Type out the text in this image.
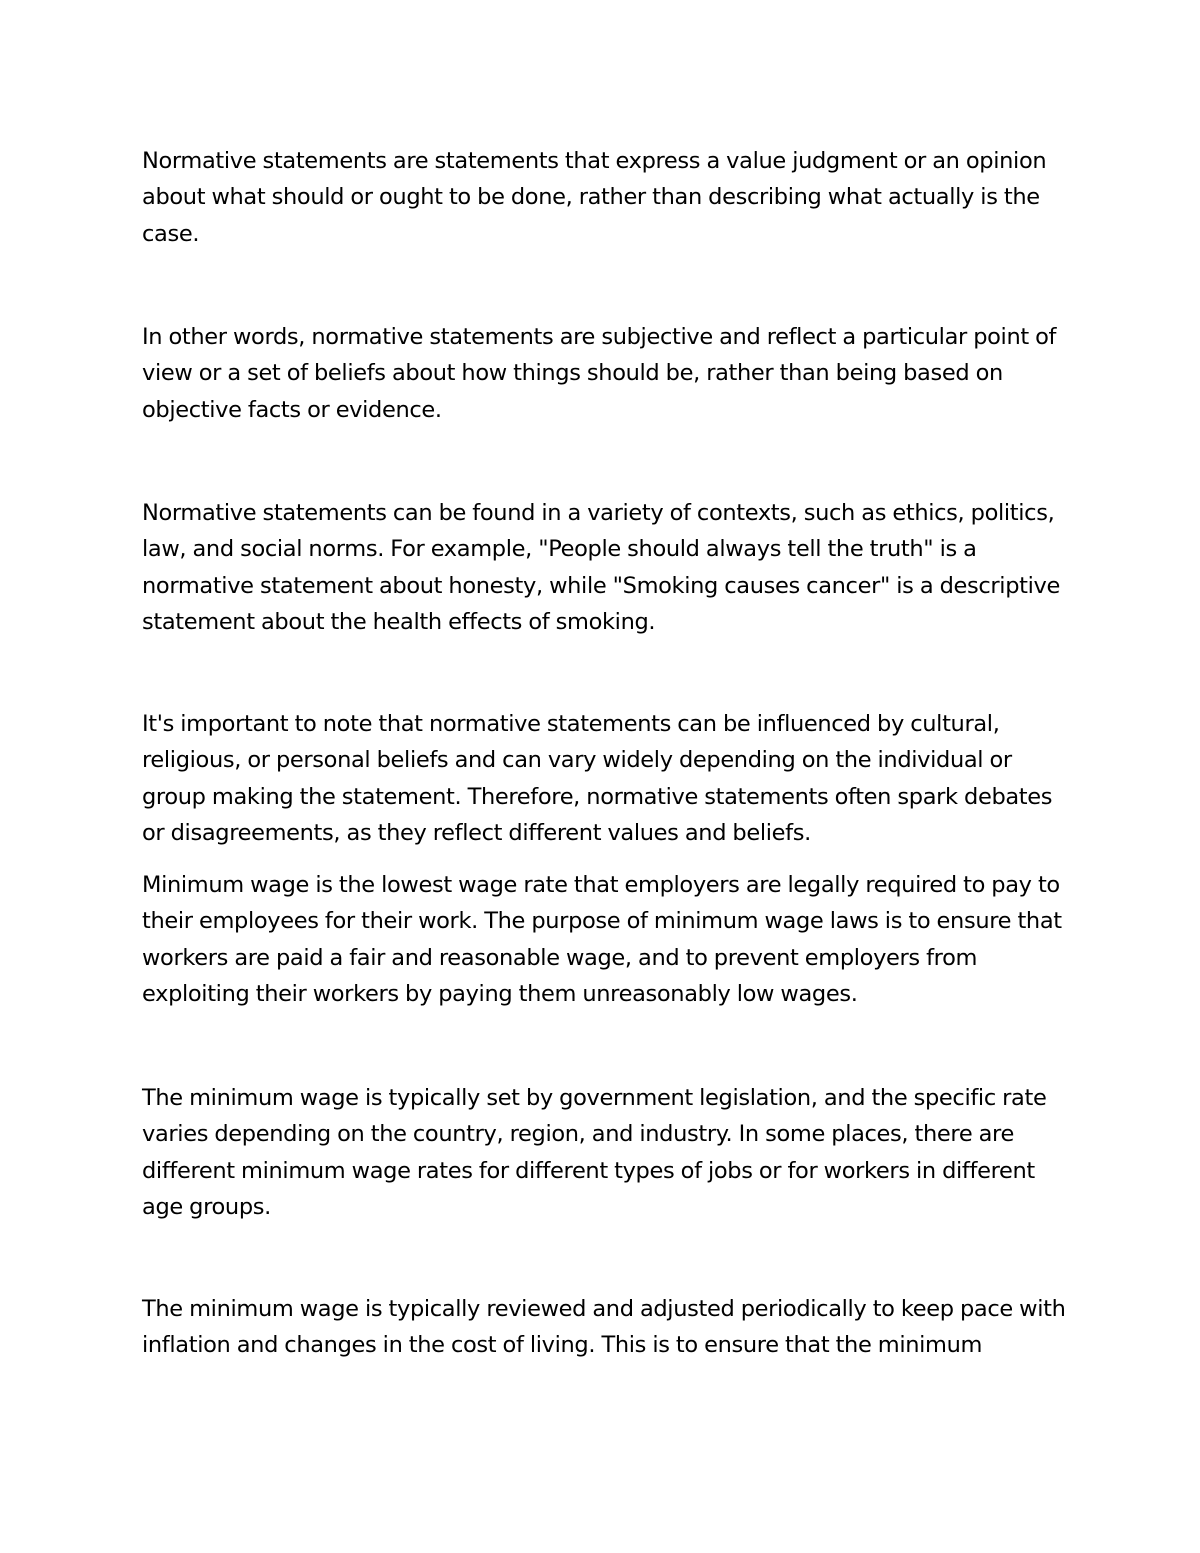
Normative statements are statements that express a value judgment or an opinion about what should or ought to be done, rather than describing what actually is the case.

In other words, normative statements are subjective and reflect a particular point of view or a set of beliefs about how things should be, rather than being based on objective facts or evidence.

Normative statements can be found in a variety of contexts, such as ethics, politics, law, and social norms. For example, "People should always tell the truth" is a normative statement about honesty, while "Smoking causes cancer" is a descriptive statement about the health effects of smoking.

It's important to note that normative statements can be influenced by cultural, religious, or personal beliefs and can vary widely depending on the individual or group making the statement. Therefore, normative statements often spark debates or disagreements, as they reflect different values and beliefs.

Minimum wage is the lowest wage rate that employers are legally required to pay to their employees for their work. The purpose of minimum wage laws is to ensure that workers are paid a fair and reasonable wage, and to prevent employers from exploiting their workers by paying them unreasonably low wages.

The minimum wage is typically set by government legislation, and the specific rate varies depending on the country, region, and industry. In some places, there are different minimum wage rates for different types of jobs or for workers in different age groups.

The minimum wage is typically reviewed and adjusted periodically to keep pace with inflation and changes in the cost of living. This is to ensure that the minimum
